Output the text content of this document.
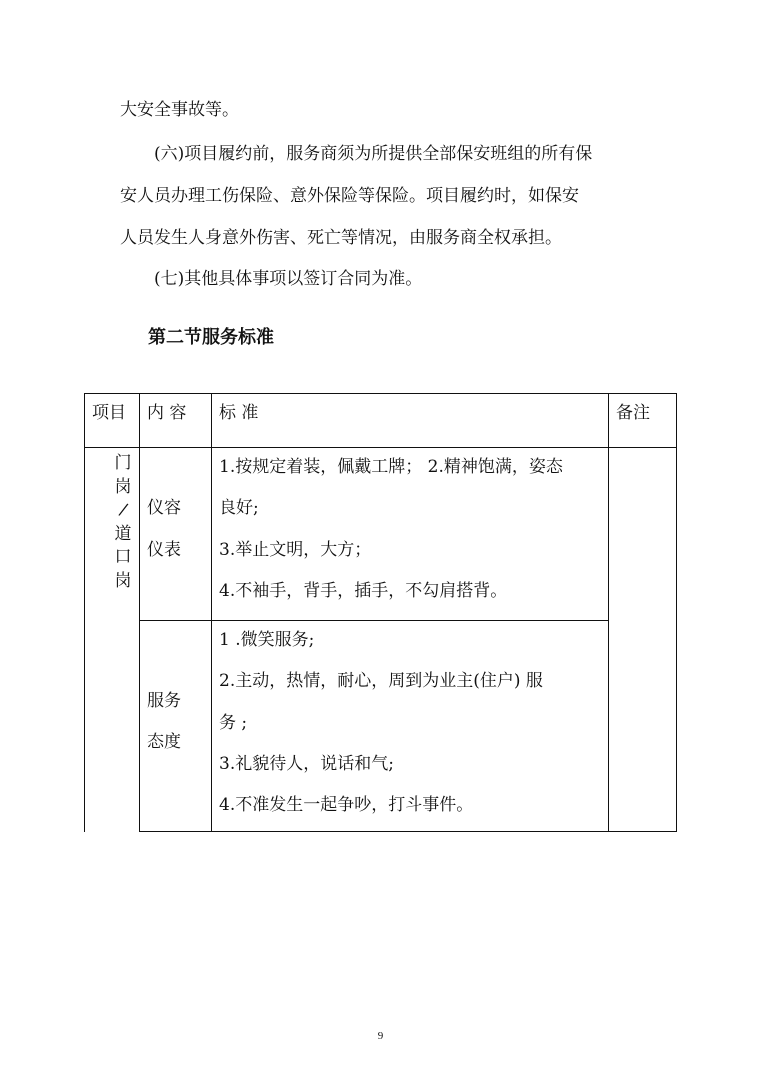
大安全事故等。

(六)项目履约前，服务商须为所提供全部保安班组的所有保

安人员办理工伤保险、意外保险等保险。项目履约时，如保安

人员发生人身意外伤害、死亡等情况，由服务商全权承担。

(七)其他具体事项以签订合同为准。

第二节服务标准
项目 内 容 标 准	备注
门
岗
/
道
口
岗
仪容
仪表
1.按规定着装，佩戴工牌； 2.精神饱满，姿态
良好;
3.举止文明，大方；
4.不袖手，背手，插手，不勾肩搭背。
服务
态度
1 .微笑服务;
2.主动，热情，耐心，周到为业主(住户) 服
务 ;
3.礼貌待人，说话和气;
4.不准发生一起争吵，打斗事件。
9
